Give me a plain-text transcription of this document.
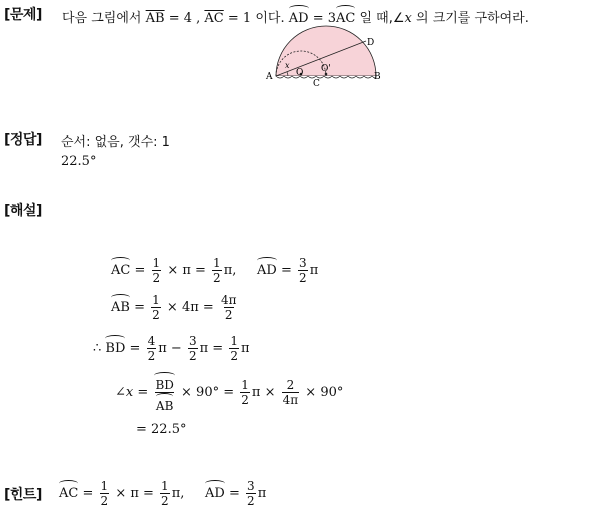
[문제] 다음 그림에서 $\overline{AB} = 4$ , $\overline{AC} = 1$ 이다. AD = 3AC 일 때,∠x 의 크기를 구하여라.
A	B
D
C
O O'
x
[정답] 순서: 없음, 갯수: 1
22.5°
[해설]
AC = $\frac{1}{2} \times \pi = \frac{1}{2} \pi$, AD = $\frac{3}{2}$ π
AB = $\frac{1}{2} \times 4\pi = \frac{4\pi}{2}$
∴ BD = $\frac{4}{2}$ $\pi - \frac{3}{2}$ $\pi = \frac{1}{2}$ π
∠x = $\frac{BD}{AB} \times 90^\circ = \frac{1}{2}$ $\pi \times \frac{2}{4\pi} \times 90^\circ$
= 22.5°
[힌트] AC = $\frac{1}{2} \times \pi = \frac{1}{2} \pi$, AD = $\frac{3}{2}$ π
